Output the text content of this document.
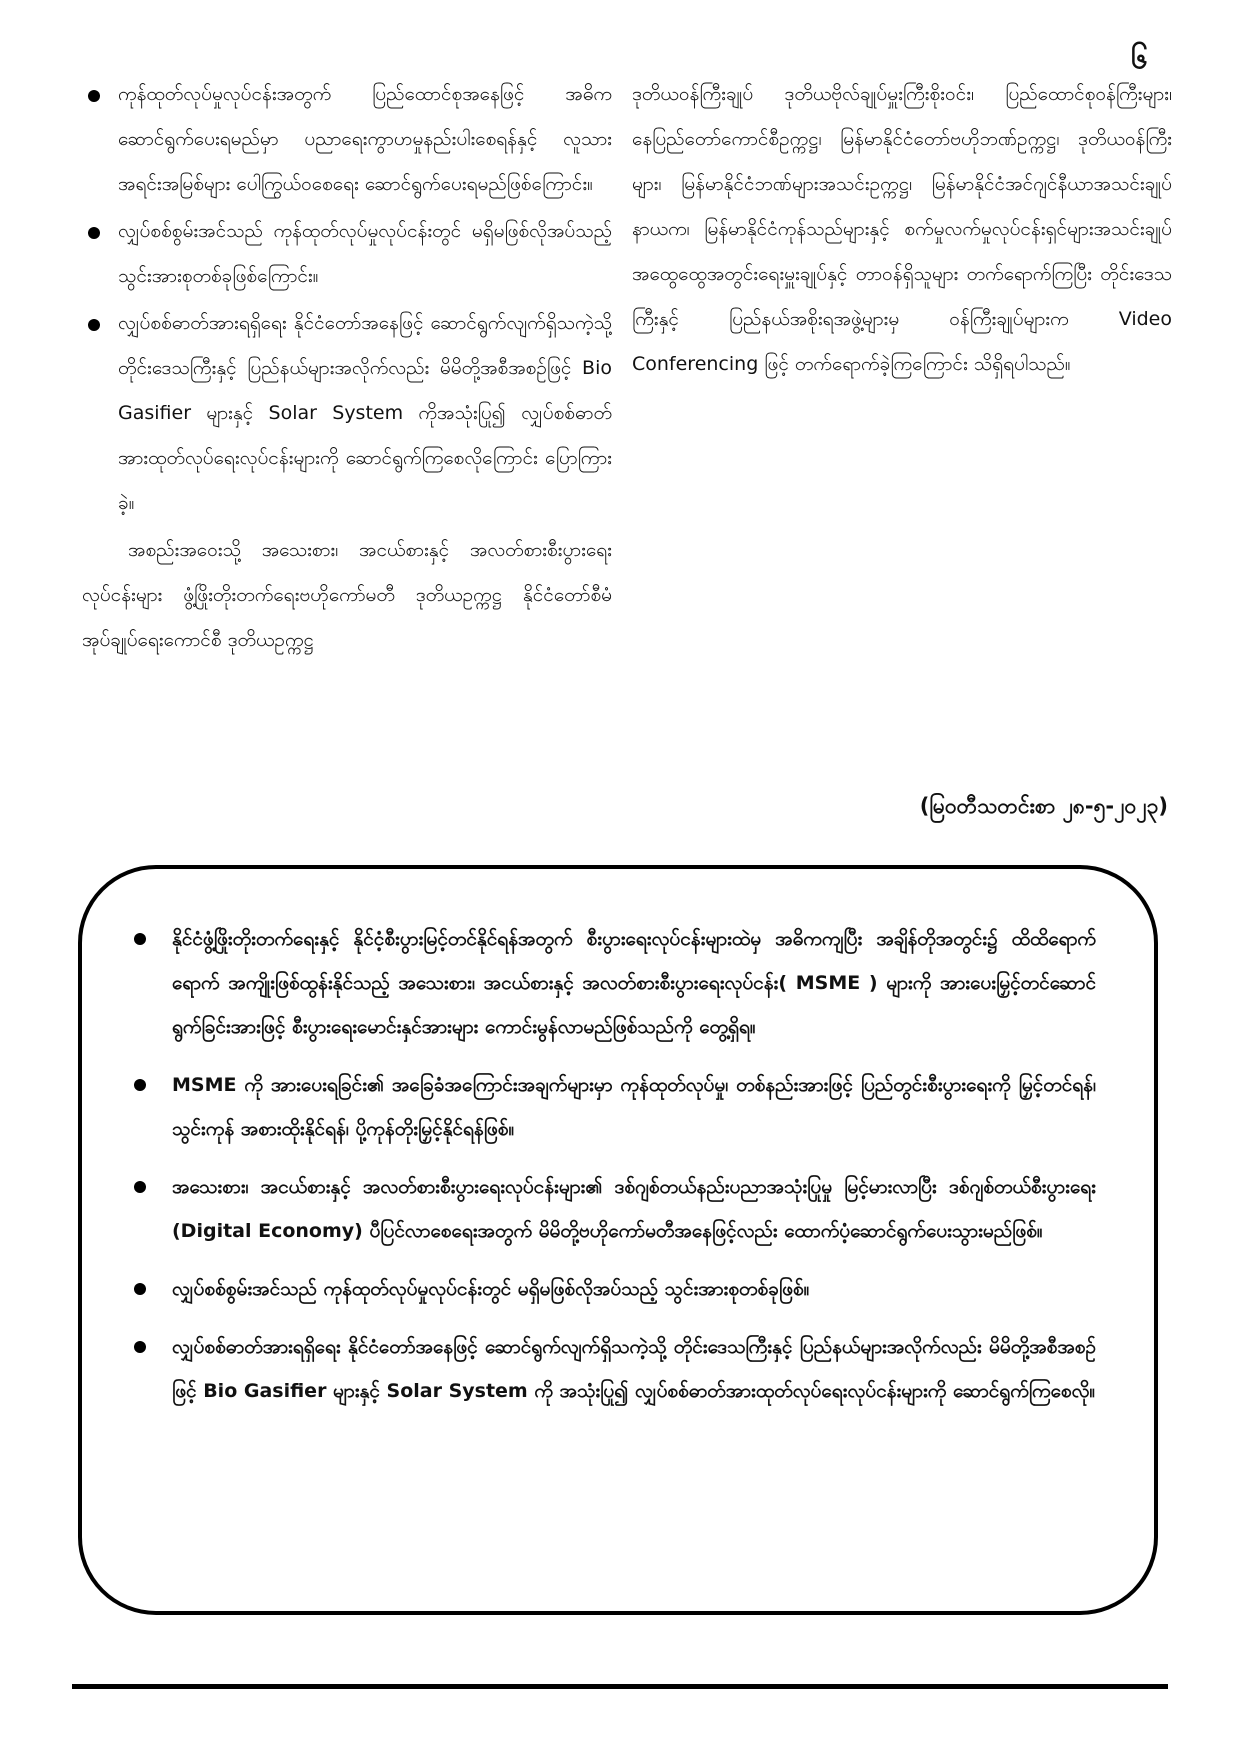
၆
ကုန်ထုတ်လုပ်မှုလုပ်ငန်းအတွက် ပြည်ထောင်စုအနေဖြင့် အဓိကဆောင်ရွက်ပေးရမည်မှာ ပညာရေးကွာဟမှုနည်းပါးစေရန်နှင့် လူသားအရင်းအမြစ်များ ပေါကြွယ်ဝစေရေး ဆောင်ရွက်ပေးရမည်ဖြစ်ကြောင်း။
လျှပ်စစ်စွမ်းအင်သည် ကုန်ထုတ်လုပ်မှုလုပ်ငန်းတွင် မရှိမဖြစ်လိုအပ်သည့် သွင်းအားစုတစ်ခုဖြစ်ကြောင်း။
လျှပ်စစ်ဓာတ်အားရရှိရေး နိုင်ငံတော်အနေဖြင့် ဆောင်ရွက်လျက်ရှိသကဲ့သို့ တိုင်းဒေသကြီးနှင့် ပြည်နယ်များအလိုက်လည်း မိမိတို့အစီအစဉ်ဖြင့် Bio Gasifier များနှင့် Solar System ကိုအသုံးပြု၍ လျှပ်စစ်ဓာတ်အားထုတ်လုပ်ရေးလုပ်ငန်းများကို ဆောင်ရွက်ကြစေလိုကြောင်း ပြောကြားခဲ့။

အစည်းအဝေးသို့ အသေးစား၊ အငယ်စားနှင့် အလတ်စားစီးပွားရေးလုပ်ငန်းများ ဖွံ့ဖြိုးတိုးတက်ရေးဗဟိုကော်မတီ ဒုတိယဥက္ကဋ္ဌ နိုင်ငံတော်စီမံအုပ်ချုပ်ရေးကောင်စီ ဒုတိယဥက္ကဋ္ဌ

ဒုတိယဝန်ကြီးချုပ် ဒုတိယဗိုလ်ချုပ်မှူးကြီးစိုးဝင်း၊ ပြည်ထောင်စုဝန်ကြီးများ၊ နေပြည်တော်ကောင်စီဥက္ကဋ္ဌ၊ မြန်မာနိုင်ငံတော်ဗဟိုဘဏ်ဥက္ကဋ္ဌ၊ ဒုတိယဝန်ကြီးများ၊ မြန်မာနိုင်ငံဘဏ်များအသင်းဥက္ကဋ္ဌ၊ မြန်မာနိုင်ငံအင်ဂျင်နီယာအသင်းချုပ်နာယက၊ မြန်မာနိုင်ငံကုန်သည်များနှင့် စက်မှုလက်မှုလုပ်ငန်းရှင်များအသင်းချုပ် အထွေထွေအတွင်းရေးမှူးချုပ်နှင့် တာဝန်ရှိသူများ တက်ရောက်ကြပြီး တိုင်းဒေသကြီးနှင့် ပြည်နယ်အစိုးရအဖွဲ့များမှ ဝန်ကြီးချုပ်များက Video Conferencing ဖြင့် တက်ရောက်ခဲ့ကြကြောင်း သိရှိရပါသည်။

(မြဝတီသတင်းစာ ၂၈-၅-၂၀၂၃)
နိုင်ငံဖွံ့ဖြိုးတိုးတက်ရေးနှင့် နိုင်ငံ့စီးပွားမြင့်တင်နိုင်ရန်အတွက် စီးပွားရေးလုပ်ငန်းများထဲမှ အဓိကကျပြီး အချိန်တိုအတွင်း၌ ထိထိရောက်ရောက် အကျိုးဖြစ်ထွန်းနိုင်သည့် အသေးစား၊ အငယ်စားနှင့် အလတ်စားစီးပွားရေးလုပ်ငန်း( MSME ) များကို အားပေးမြှင့်တင်ဆောင်ရွက်ခြင်းအားဖြင့် စီးပွားရေးမောင်းနှင်အားများ ကောင်းမွန်လာမည်ဖြစ်သည်ကို တွေ့ရှိရ။
MSME ကို အားပေးရခြင်း၏ အခြေခံအကြောင်းအချက်များမှာ ကုန်ထုတ်လုပ်မှု၊ တစ်နည်းအားဖြင့် ပြည်တွင်းစီးပွားရေးကို မြှင့်တင်ရန်၊ သွင်းကုန် အစားထိုးနိုင်ရန်၊ ပို့ကုန်တိုးမြှင့်နိုင်ရန်ဖြစ်။
အသေးစား၊ အငယ်စားနှင့် အလတ်စားစီးပွားရေးလုပ်ငန်းများ၏ ဒစ်ဂျစ်တယ်နည်းပညာအသုံးပြုမှု မြင့်မားလာပြီး ဒစ်ဂျစ်တယ်စီးပွားရေး (Digital Economy) ပီပြင်လာစေရေးအတွက် မိမိတို့ဗဟိုကော်မတီအနေဖြင့်လည်း ထောက်ပံ့ဆောင်ရွက်ပေးသွားမည်ဖြစ်။
လျှပ်စစ်စွမ်းအင်သည် ကုန်ထုတ်လုပ်မှုလုပ်ငန်းတွင် မရှိမဖြစ်လိုအပ်သည့် သွင်းအားစုတစ်ခုဖြစ်။
လျှပ်စစ်ဓာတ်အားရရှိရေး နိုင်ငံတော်အနေဖြင့် ဆောင်ရွက်လျက်ရှိသကဲ့သို့ တိုင်းဒေသကြီးနှင့် ပြည်နယ်များအလိုက်လည်း မိမိတို့အစီအစဉ်ဖြင့် Bio Gasifier များနှင့် Solar System ကို အသုံးပြု၍ လျှပ်စစ်ဓာတ်အားထုတ်လုပ်ရေးလုပ်ငန်းများကို ဆောင်ရွက်ကြစေလို။
